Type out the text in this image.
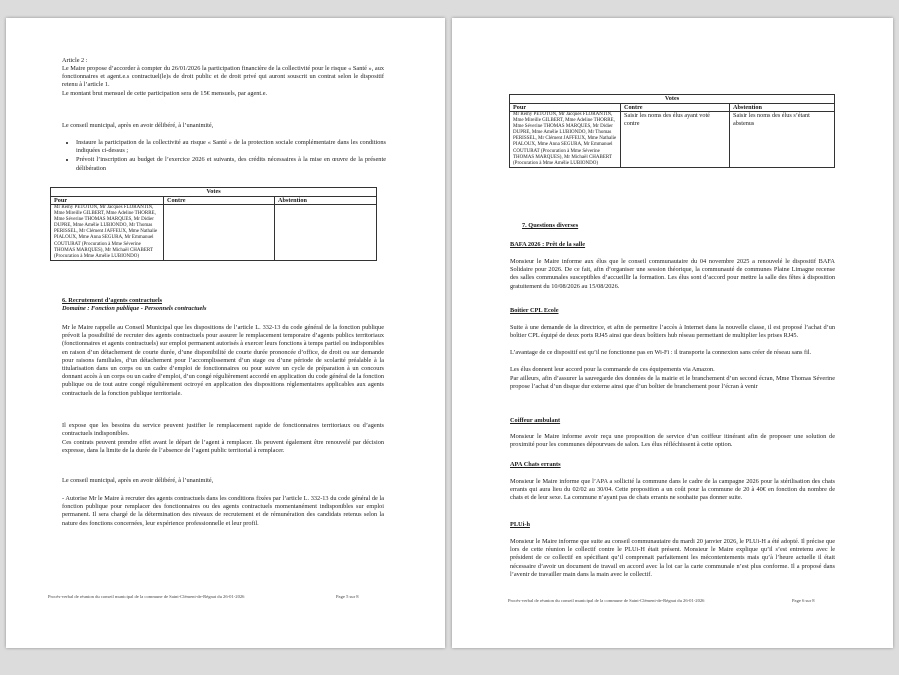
Article 2 :
Le Maire propose d’accorder à compter du 26/01/2026 la participation financière de la collectivité pour le risque « Santé », aux fonctionnaires et agent.e.s contractuel(le)s de droit public et de droit privé qui auront souscrit un contrat selon le dispositif retenu à l’article 1.
Le montant brut mensuel de cette participation sera de 15€ mensuels, par agent.e.
Le conseil municipal, après en avoir délibéré, à l’unanimité,
• Instaure la participation de la collectivité au risque « Santé » de la protection sociale complémentaire dans les conditions indiquées ci-dessus ;
• Prévoit l’inscription au budget de l’exercice 2026 et suivants, des crédits nécessaires à la mise en œuvre de la présente délibération
Votes		
Pour	Contre	Abstention
Mr Remy PETOTON, Mr Jacques FLORANTIN, Mme Mireille GILBERT, Mme Adeline THORRE, Mme Séverine THOMAS MARQUES, Mr Didier DUPRE, Mme Amélie LUBIONDO, Mr Thomas PERISSEL, Mr Clément JAFFEUX, Mme Nathalie PIALOUX, Mme Anna SEGURA, Mr Emmanuel COUTURAT (Procuration à Mme Séverine THOMAS MARQUES), Mr Michaël CHABERT (Procuration à Mme Amélie LUBIONDO)		
6. Recrutement d’agents contractuels
Domaine : Fonction publique - Personnels contractuels
Mr le Maire rappelle au Conseil Municipal que les dispositions de l’article L. 332-13 du code général de la fonction publique prévoit la possibilité de recruter des agents contractuels pour assurer le remplacement temporaire d’agents publics territoriaux (fonctionnaires et agents contractuels) sur emploi permanent autorisés à exercer leurs fonctions à temps partiel ou indisponibles en raison d’un détachement de courte durée, d’une disponibilité de courte durée prononcée d’office, de droit ou sur demande pour raisons familiales, d’un détachement pour l’accomplissement d’un stage ou d’une période de scolarité préalable à la titularisation dans un corps ou un cadre d’emploi de fonctionnaires ou pour suivre un cycle de préparation à un concours donnant accès à un corps ou un cadre d’emploi, d’un congé régulièrement accordé en application du code général de la fonction publique ou de tout autre congé régulièrement octroyé en application des dispositions réglementaires applicables aux agents contractuels de la fonction publique territoriale.
Il expose que les besoins du service peuvent justifier le remplacement rapide de fonctionnaires territoriaux ou d’agents contractuels indisponibles.
Ces contrats peuvent prendre effet avant le départ de l’agent à remplacer. Ils peuvent également être renouvelé par décision expresse, dans la limite de la durée de l’absence de l’agent public territorial à remplacer.
Le conseil municipal, après en avoir délibéré, à l’unanimité,
- Autorise Mr le Maire à recruter des agents contractuels dans les conditions fixées par l’article L. 332-13 du code général de la fonction publique pour remplacer des fonctionnaires ou des agents contractuels momentanément indisponibles sur emploi permanent. Il sera chargé de la détermination des niveaux de recrutement et de rémunération des candidats retenus selon la nature des fonctions concernées, leur expérience professionnelle et leur profil.
Procès-verbal de réunion du conseil municipal de la commune de Saint-Clément-de-Régnat du 26-01-2026	Page 5 sur 8
Votes		
Pour	Contre	Abstention
Mr Remy PETOTON, Mr Jacques FLORANTIN, Mme Mireille GILBERT, Mme Adeline THORRE, Mme Séverine THOMAS MARQUES, Mr Didier DUPRE, Mme Amélie LUBIONDO, Mr Thomas PERISSEL, Mr Clément JAFFEUX, Mme Nathalie PIALOUX, Mme Anna SEGURA, Mr Emmanuel COUTURAT (Procuration à Mme Séverine THOMAS MARQUES), Mr Michaël CHABERT (Procuration à Mme Amélie LUBIONDO)	Saisir les noms des élus ayant voté contre	Saisir les noms des élus s’étant abstenus
7. Questions diverses
BAFA 2026 : Prêt de la salle
Monsieur le Maire informe aux élus que le conseil communautaire du 04 novembre 2025 a renouvelé le dispositif BAFA Solidaire pour 2026. De ce fait, afin d’organiser une session théorique, la communauté de communes Plaine Limagne recense des salles communales susceptibles d’accueillir la formation. Les élus sont d’accord pour mettre la salle des fêtes à disposition gratuitement du 10/08/2026 au 15/08/2026.
Boitier CPL Ecole
Suite à une demande de la directrice, et afin de permettre l’accès à Internet dans la nouvelle classe, il est proposé l’achat d’un boîtier CPL équipé de deux ports RJ45 ainsi que deux boîtiers hub réseau permettant de multiplier les prises RJ45.
L’avantage de ce dispositif est qu’il ne fonctionne pas en Wi-Fi : il transporte la connexion sans créer de réseau sans fil.
Les élus donnent leur accord pour la commande de ces équipements via Amazon.
Par ailleurs, afin d’assurer la sauvegarde des données de la mairie et le branchement d’un second écran, Mme Thomas Séverine propose l’achat d’un disque dur externe ainsi que d’un boîtier de branchement pour l’écran à venir
Coiffeur ambulant
Monsieur le Maire informe avoir reçu une proposition de service d’un coiffeur itinérant afin de proposer une solution de proximité pour les communes dépourvues de salon. Les élus réfléchissent à cette option.
APA Chats errants
Monsieur le Maire informe que l’APA a sollicité la commune dans le cadre de la campagne 2026 pour la stérilisation des chats errants qui aura lieu du 02/02 au 30/04. Cette proposition a un coût pour la commune de 20 à 40€ en fonction du nombre de chats et de leur sexe. La commune n’ayant pas de chats errants ne souhaite pas donner suite.
PLUi-h
Monsieur le Maire informe que suite au conseil communautaire du mardi 20 janvier 2026, le PLUi-H a été adopté. Il précise que lors de cette réunion le collectif contre le PLUi-H était présent. Monsieur le Maire explique qu’il s’est entretenu avec le président de ce collectif en spécifiant qu’il comprenait parfaitement les mécontentements mais qu’à l’heure actuelle il était nécessaire d’avoir un document de travail en accord avec la loi car la carte communale n’est plus conforme. Il a proposé dans l’avenir de travailler main dans la main avec le collectif.
Procès-verbal de réunion du conseil municipal de la commune de Saint-Clément-de-Régnat du 26-01-2026	Page 6 sur 8
